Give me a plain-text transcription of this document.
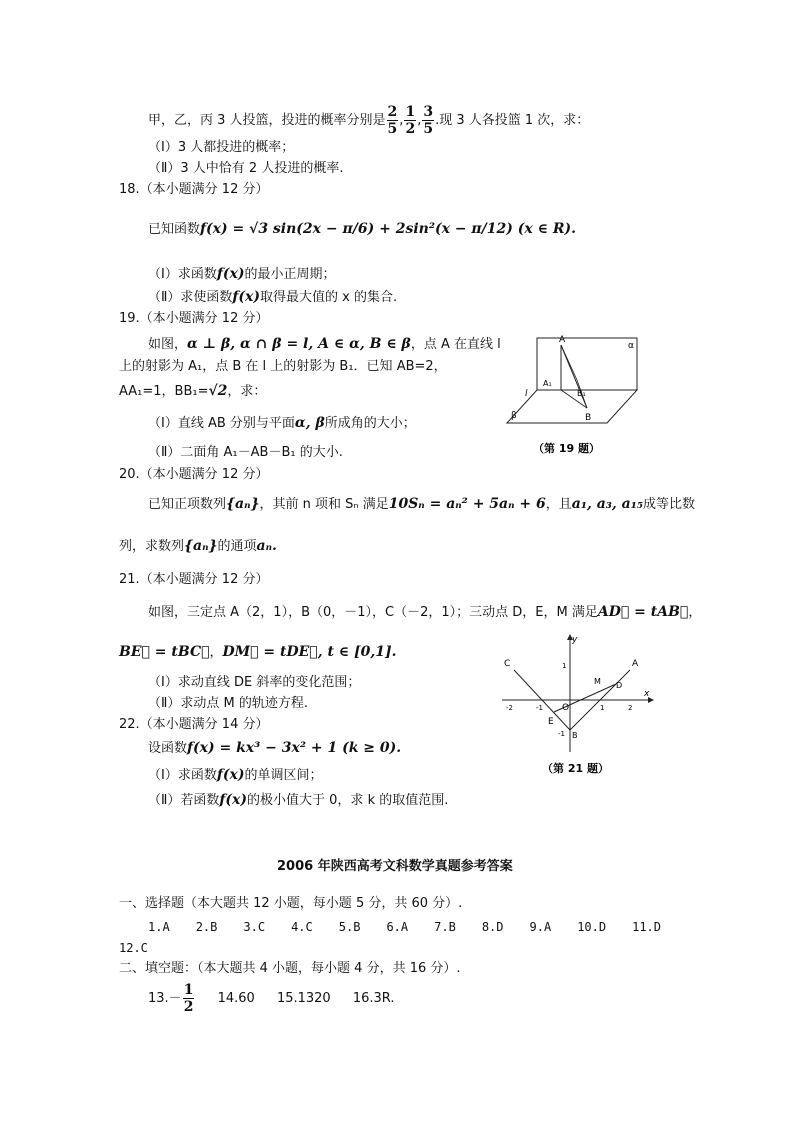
甲，乙，丙 3 人投篮，投进的概率分别是 $\frac{2}{5}$ , $\frac{1}{2}$ , $\frac{3}{5}$ .现 3 人各投篮 1 次，求：
（Ⅰ）3 人都投进的概率；
（Ⅱ）3 人中恰有 2 人投进的概率.
18.（本小题满分 12 分）
已知函数f(x) = √3 sin(2x − π/6) + 2sin²(x − π/12) (x ∈ R).
（Ⅰ）求函数f(x)的最小正周期；
（Ⅱ）求使函数f(x)取得最大值的 x 的集合.
19.（本小题满分 12 分）
如图，α ⊥ β, α ∩ β = l, A ∈ α, B ∈ β，点 A 在直线 l
上的射影为 A₁，点 B 在 l 上的射影为 B₁．已知 AB=2，
AA₁=1，BB₁=√2，求：
（Ⅰ）直线 AB 分别与平面α, β所成角的大小；
（Ⅱ）二面角 A₁－AB－B₁ 的大小.
A
α
A₁
B₁
B
l
β
（第 19 题）
20.（本小题满分 12 分）
已知正项数列{aₙ}，其前 n 项和 Sₙ 满足10Sₙ = aₙ² + 5aₙ + 6，且a₁, a₃, a₁₅成等比数
列，求数列{aₙ}的通项aₙ.
21.（本小题满分 12 分）
如图，三定点 A（2，1），B（0，－1），C（－2，1）；三动点 D，E，M 满足AD⃗ = tAB⃗，
BE⃗ = tBC⃗，DM⃗ = tDE⃗, t ∈ [0,1].
（Ⅰ）求动直线 DE 斜率的变化范围；
（Ⅱ）求动点 M 的轨迹方程.
y
x
C	A
M D
O
E
B
1
-1
-2	-1	1	2
（第 21 题）
22.（本小题满分 14 分）
设函数f(x) = kx³ − 3x² + 1 (k ≥ 0).
（Ⅰ）求函数f(x)的单调区间；
（Ⅱ）若函数f(x)的极小值大于 0，求 k 的取值范围.
2006 年陕西高考文科数学真题参考答案
一、选择题（本大题共 12 小题，每小题 5 分，共 60 分）.
1.A 2.B 3.C 4.C 5.B 6.A 7.B 8.D 9.A 10.D 11.D
12.C
二、填空题：（本大题共 4 小题，每小题 4 分，共 16 分）.
$13.- \frac{1}{2} 14.60$ 15.1320 16.3R.
